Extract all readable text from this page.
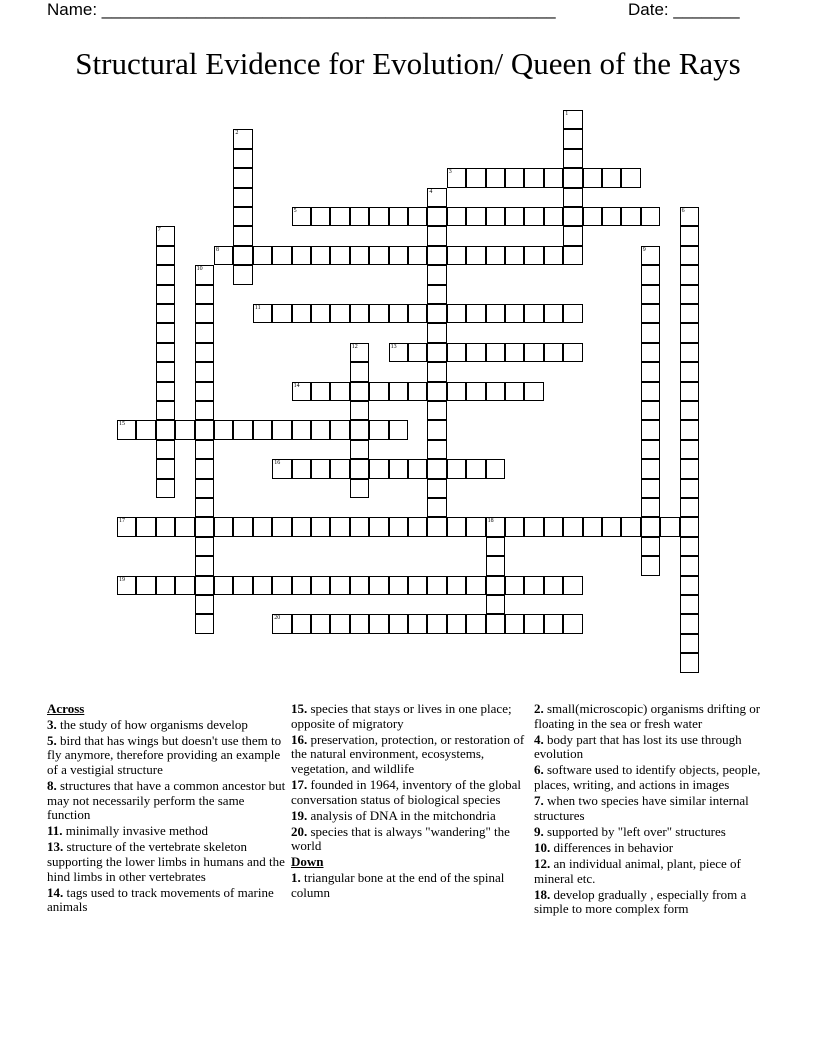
Name: ________________________________________________	Date: _______
Structural Evidence for Evolution/ Queen of the Rays
3
5
8
11
13
14
15
16
17	18
19
20
1
2
4
6
7
9
10
12
Across
3. the study of how organisms develop
5. bird that has wings but doesn't use them to fly anymore, therefore providing an example of a vestigial structure
8. structures that have a common ancestor but may not necessarily perform the same function
11. minimally invasive method
13. structure of the vertebrate skeleton supporting the lower limbs in humans and the hind limbs in other vertebrates
14. tags used to track movements of marine animals
15. species that stays or lives in one place; opposite of migratory
16. preservation, protection, or restoration of the natural environment, ecosystems, vegetation, and wildlife
17. founded in 1964, inventory of the global conversation status of biological species
19. analysis of DNA in the mitchondria
20. species that is always "wandering" the world
Down
1. triangular bone at the end of the spinal column
2. small(microscopic) organisms drifting or floating in the sea or fresh water
4. body part that has lost its use through evolution
6. software used to identify objects, people, places, writing, and actions in images
7. when two species have similar internal structures
9. supported by "left over" structures
10. differences in behavior
12. an individual animal, plant, piece of mineral etc.
18. develop gradually , especially from a simple to more complex form
